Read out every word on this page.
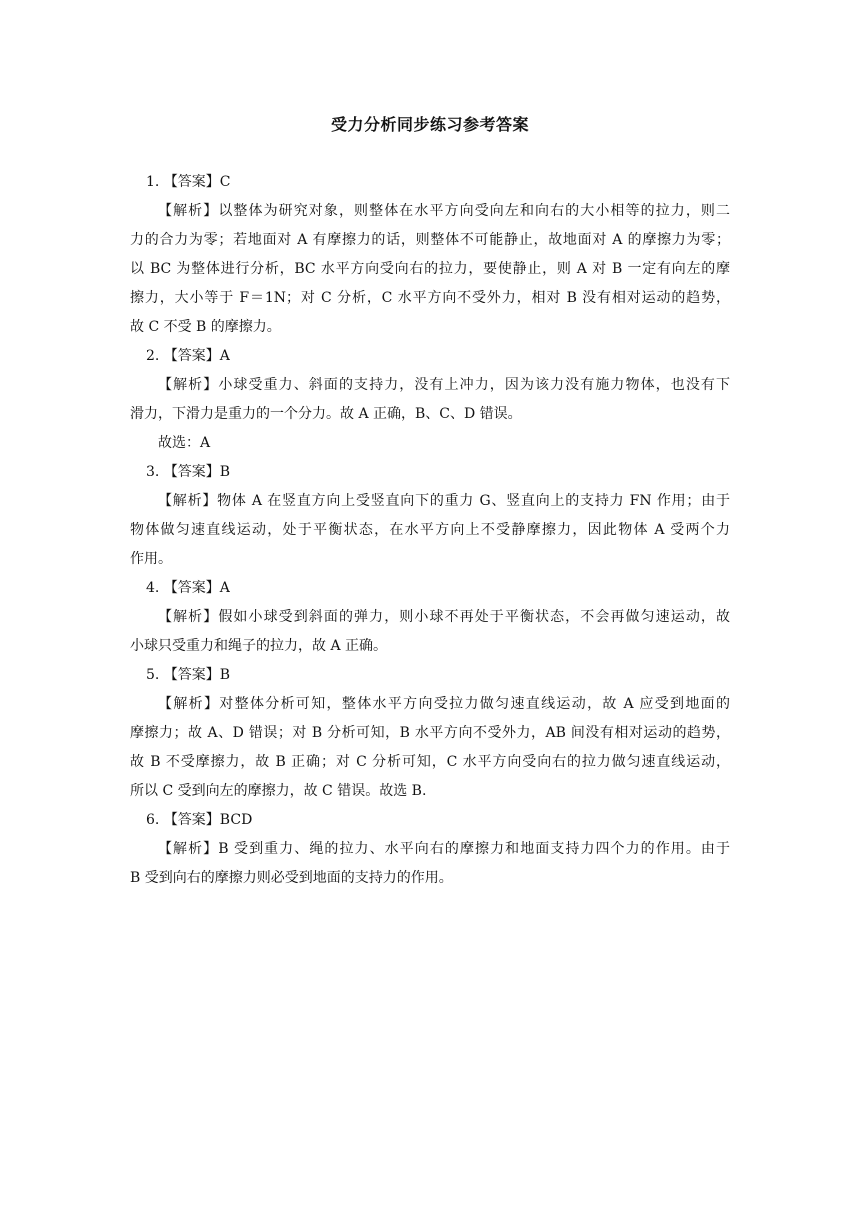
受力分析同步练习参考答案
1. 【答案】C
【解析】以整体为研究对象，则整体在水平方向受向左和向右的大小相等的拉力，则二
力的合力为零；若地面对 A 有摩擦力的话，则整体不可能静止，故地面对 A 的摩擦力为零；
以 BC 为整体进行分析，BC 水平方向受向右的拉力，要使静止，则 A 对 B 一定有向左的摩
擦力，大小等于 F＝1N；对 C 分析，C 水平方向不受外力，相对 B 没有相对运动的趋势，
故 C 不受 B 的摩擦力。
2. 【答案】A
【解析】小球受重力、斜面的支持力，没有上冲力，因为该力没有施力物体，也没有下
滑力，下滑力是重力的一个分力。故 A 正确，B、C、D 错误。
故选：A
3. 【答案】B
【解析】物体 A 在竖直方向上受竖直向下的重力 G、竖直向上的支持力 FN 作用；由于
物体做匀速直线运动，处于平衡状态，在水平方向上不受静摩擦力，因此物体 A 受两个力
作用。
4. 【答案】A
【解析】假如小球受到斜面的弹力，则小球不再处于平衡状态，不会再做匀速运动，故
小球只受重力和绳子的拉力，故 A 正确。
5. 【答案】B
【解析】对整体分析可知，整体水平方向受拉力做匀速直线运动，故 A 应受到地面的
摩擦力；故 A、D 错误；对 B 分析可知，B 水平方向不受外力，AB 间没有相对运动的趋势，
故 B 不受摩擦力，故 B 正确；对 C 分析可知，C 水平方向受向右的拉力做匀速直线运动，
所以 C 受到向左的摩擦力，故 C 错误。故选 B.
6. 【答案】BCD
【解析】B 受到重力、绳的拉力、水平向右的摩擦力和地面支持力四个力的作用。由于
B 受到向右的摩擦力则必受到地面的支持力的作用。
